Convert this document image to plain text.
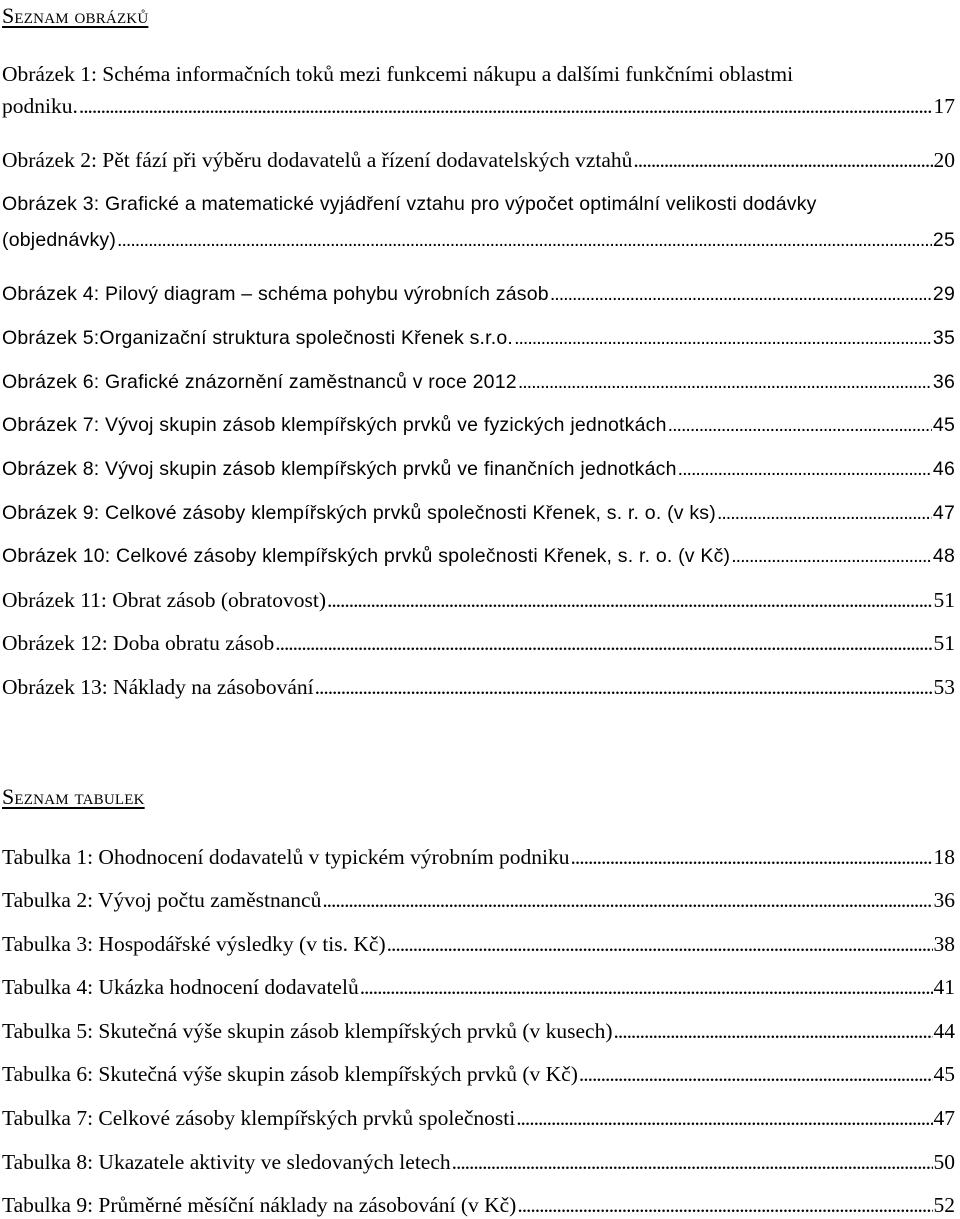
Seznam obrázků
Obrázek 1: Schéma informačních toků mezi funkcemi nákupu a dalšími funkčními oblastmi
podniku. . . .	17
Obrázek 2: Pět fází při výběru dodavatelů a řízení dodavatelských vztahů . . .	20
Obrázek 3: Grafické a matematické vyjádření vztahu pro výpočet optimální velikosti dodávky
(objednávky) . . .	25
Obrázek 4: Pilový diagram – schéma pohybu výrobních zásob . . .	29
Obrázek 5:Organizační struktura společnosti Křenek s.r.o. . . .	35
Obrázek 6: Grafické znázornění zaměstnanců v roce 2012 . . .	36
Obrázek 7: Vývoj skupin zásob klempířských prvků ve fyzických jednotkách . . .	45
Obrázek 8: Vývoj skupin zásob klempířských prvků ve finančních jednotkách . . .	46
Obrázek 9: Celkové zásoby klempířských prvků společnosti Křenek, s. r. o. (v ks) . . .	47
Obrázek 10: Celkové zásoby klempířských prvků společnosti Křenek, s. r. o. (v Kč) . . .	48
Obrázek 11: Obrat zásob (obratovost) . . .	51
Obrázek 12: Doba obratu zásob . . .	51
Obrázek 13: Náklady na zásobování . . .	53
Seznam tabulek
Tabulka 1: Ohodnocení dodavatelů v typickém výrobním podniku . . .	18
Tabulka 2: Vývoj počtu zaměstnanců . . .	36
Tabulka 3: Hospodářské výsledky (v tis. Kč) . . .	38
Tabulka 4: Ukázka hodnocení dodavatelů . . .	41
Tabulka 5: Skutečná výše skupin zásob klempířských prvků (v kusech) . . .	44
Tabulka 6: Skutečná výše skupin zásob klempířských prvků (v Kč) . . .	45
Tabulka 7: Celkové zásoby klempířských prvků společnosti . . .	47
Tabulka 8: Ukazatele aktivity ve sledovaných letech . . .	50
Tabulka 9: Průměrné měsíční náklady na zásobování (v Kč) . . .	52
